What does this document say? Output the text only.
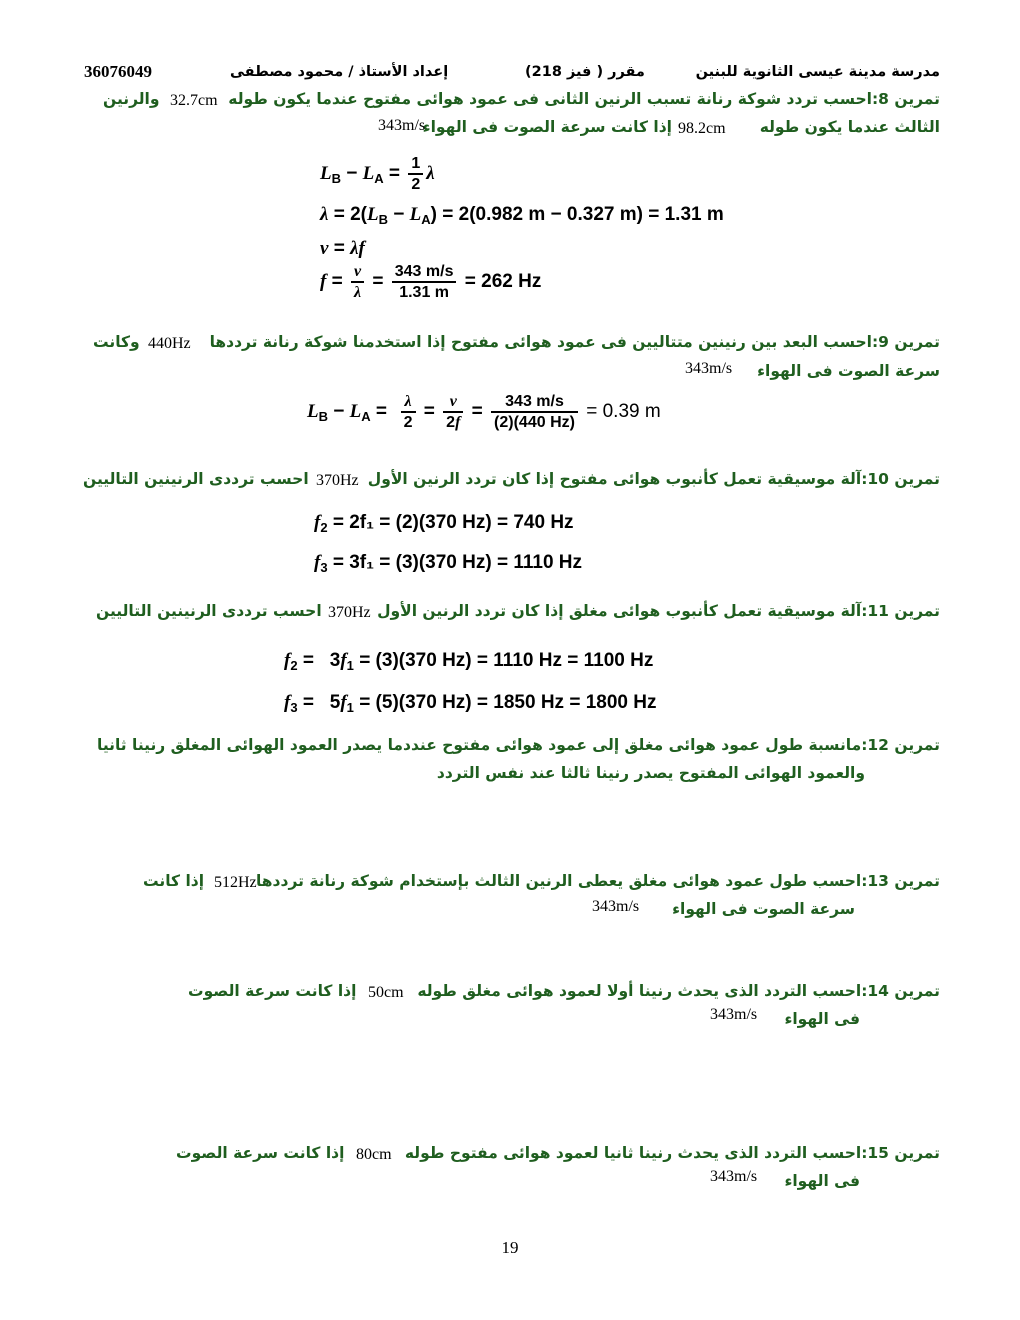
مدرسة مدينة عيسى الثانوية للبنين
مقرر ( فيز 218)
إعداد الأستاذ / محمود مصطفى
36076049
تمرين 8:احسب تردد شوكة رنانة تسبب الرنين الثانى فى عمود هوائى مفتوح عندما يكون طوله
32.7cm
والرنين
الثالث عندما يكون طوله
98.2cm
إذا كانت سرعة الصوت فى الهواء
343m/s
$L_B - L_A = \frac{1}{2}$ λ
$\lambda = 2(L_B - L_A) = 2(0.982$ m − 0.327 m) = 1.31 m
v = λf
$f = \frac{v}{\lambda} = \frac{343 m/s}{1.31 m} = 262$ Hz
تمرين 9:احسب البعد بين رنينين متتاليين فى عمود هوائى مفتوح إذا استخدمنا شوكة رنانة ترددها
440Hz
وكانت
سرعة الصوت فى الهواء
343m/s
$L_B - L_A = \frac{\lambda}{2} = \frac{v}{2f} = \frac{343 m/s}{(2)(440 Hz)} = 0.39$ m
تمرين 10:آلة موسيقية تعمل كأنبوب هوائى مفتوح إذا كان تردد الرنين الأول
370Hz
احسب ترددى الرنينين التاليين
$f_2 = 2f_1 = (2)(370$ Hz) = 740 Hz
$f_3 = 3f_1 = (3)(370$ Hz) = 1110 Hz
تمرين 11:آلة موسيقية تعمل كأنبوب هوائى مغلق إذا كان تردد الرنين الأول
370Hz
احسب ترددى الرنينين التاليين
$f_2 = 3f_1 = (3)(370$ Hz) = 1110 Hz = 1100 Hz
$f_3 = 5f_1 = (5)(370$ Hz) = 1850 Hz = 1800 Hz
تمرين 12:مانسبة طول عمود هوائى مغلق إلى عمود هوائى مفتوح عنددما يصدر العمود الهوائى المغلق رنينا ثانيا
والعمود الهوائى المفتوح يصدر رنينا ثالثا عند نفس التردد
تمرين 13:احسب طول عمود هوائى مغلق يعطى الرنين الثالث بإستخدام شوكة رنانة ترددها
512Hz
إذا كانت
سرعة الصوت فى الهواء
343m/s
تمرين 14:احسب التردد الذى يحدث رنينا أولا لعمود هوائى مغلق طوله
50cm
إذا كانت سرعة الصوت
فى الهواء
343m/s
تمرين 15:احسب التردد الذى يحدث رنينا ثانيا لعمود هوائى مفتوح طوله
80cm
إذا كانت سرعة الصوت
فى الهواء
343m/s
19
